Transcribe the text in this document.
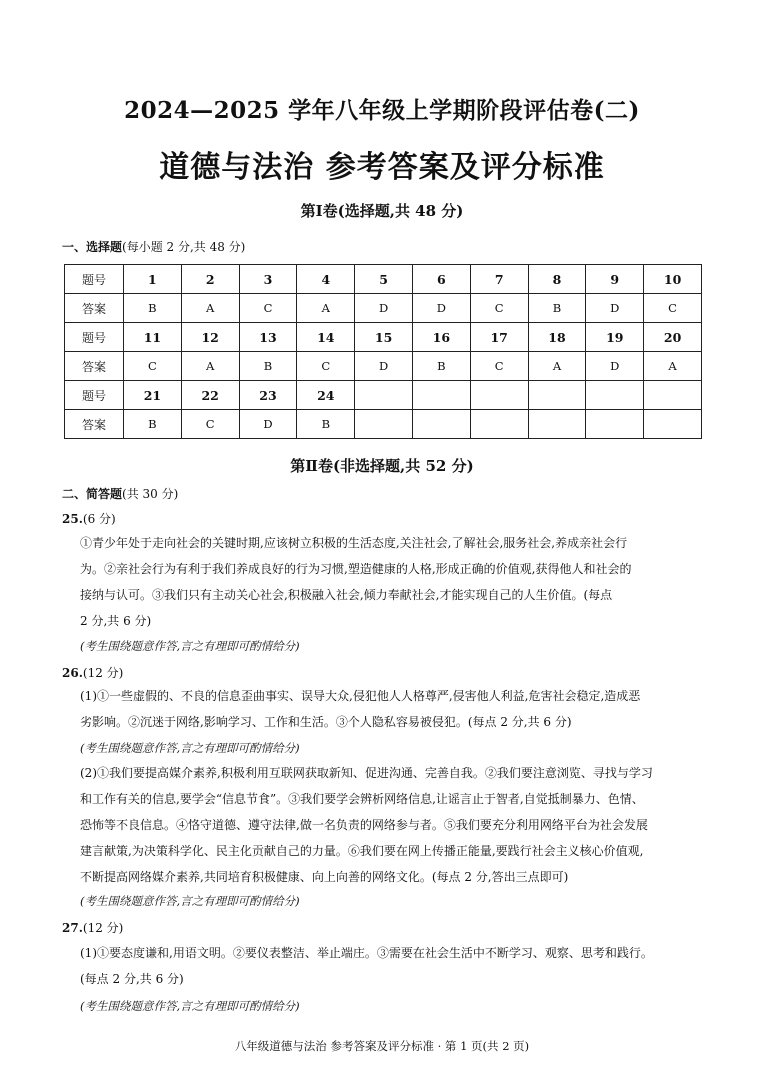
2024—2025 学年八年级上学期阶段评估卷(二)
道德与法治 参考答案及评分标准
第Ⅰ卷(选择题,共 48 分)
一、选择题(每小题 2 分,共 48 分)
题号	1	2	3	4	5	6	7	8	9	10
答案	B	A	C	A	D	D	C	B	D	C
题号	11	12	13	14	15	16	17	18	19	20
答案	C	A	B	C	D	B	C	A	D	A
题号	21	22	23	24						
答案	B	C	D	B						
第Ⅱ卷(非选择题,共 52 分)
二、简答题(共 30 分)
25.(6 分)
①青少年处于走向社会的关键时期,应该树立积极的生活态度,关注社会,了解社会,服务社会,养成亲社会行
为。②亲社会行为有利于我们养成良好的行为习惯,塑造健康的人格,形成正确的价值观,获得他人和社会的
接纳与认可。③我们只有主动关心社会,积极融入社会,倾力奉献社会,才能实现自己的人生价值。(每点
2 分,共 6 分)
(考生围绕题意作答,言之有理即可酌情给分)
26.(12 分)
(1)①一些虚假的、不良的信息歪曲事实、误导大众,侵犯他人人格尊严,侵害他人利益,危害社会稳定,造成恶
劣影响。②沉迷于网络,影响学习、工作和生活。③个人隐私容易被侵犯。(每点 2 分,共 6 分)
(考生围绕题意作答,言之有理即可酌情给分)
(2)①我们要提高媒介素养,积极利用互联网获取新知、促进沟通、完善自我。②我们要注意浏览、寻找与学习
和工作有关的信息,要学会“信息节食”。③我们要学会辨析网络信息,让谣言止于智者,自觉抵制暴力、色情、
恐怖等不良信息。④恪守道德、遵守法律,做一名负责的网络参与者。⑤我们要充分利用网络平台为社会发展
建言献策,为决策科学化、民主化贡献自己的力量。⑥我们要在网上传播正能量,要践行社会主义核心价值观,
不断提高网络媒介素养,共同培育积极健康、向上向善的网络文化。(每点 2 分,答出三点即可)
(考生围绕题意作答,言之有理即可酌情给分)
27.(12 分)
(1)①要态度谦和,用语文明。②要仪表整洁、举止端庄。③需要在社会生活中不断学习、观察、思考和践行。
(每点 2 分,共 6 分)
(考生围绕题意作答,言之有理即可酌情给分)
八年级道德与法治 参考答案及评分标准 · 第 1 页(共 2 页)
